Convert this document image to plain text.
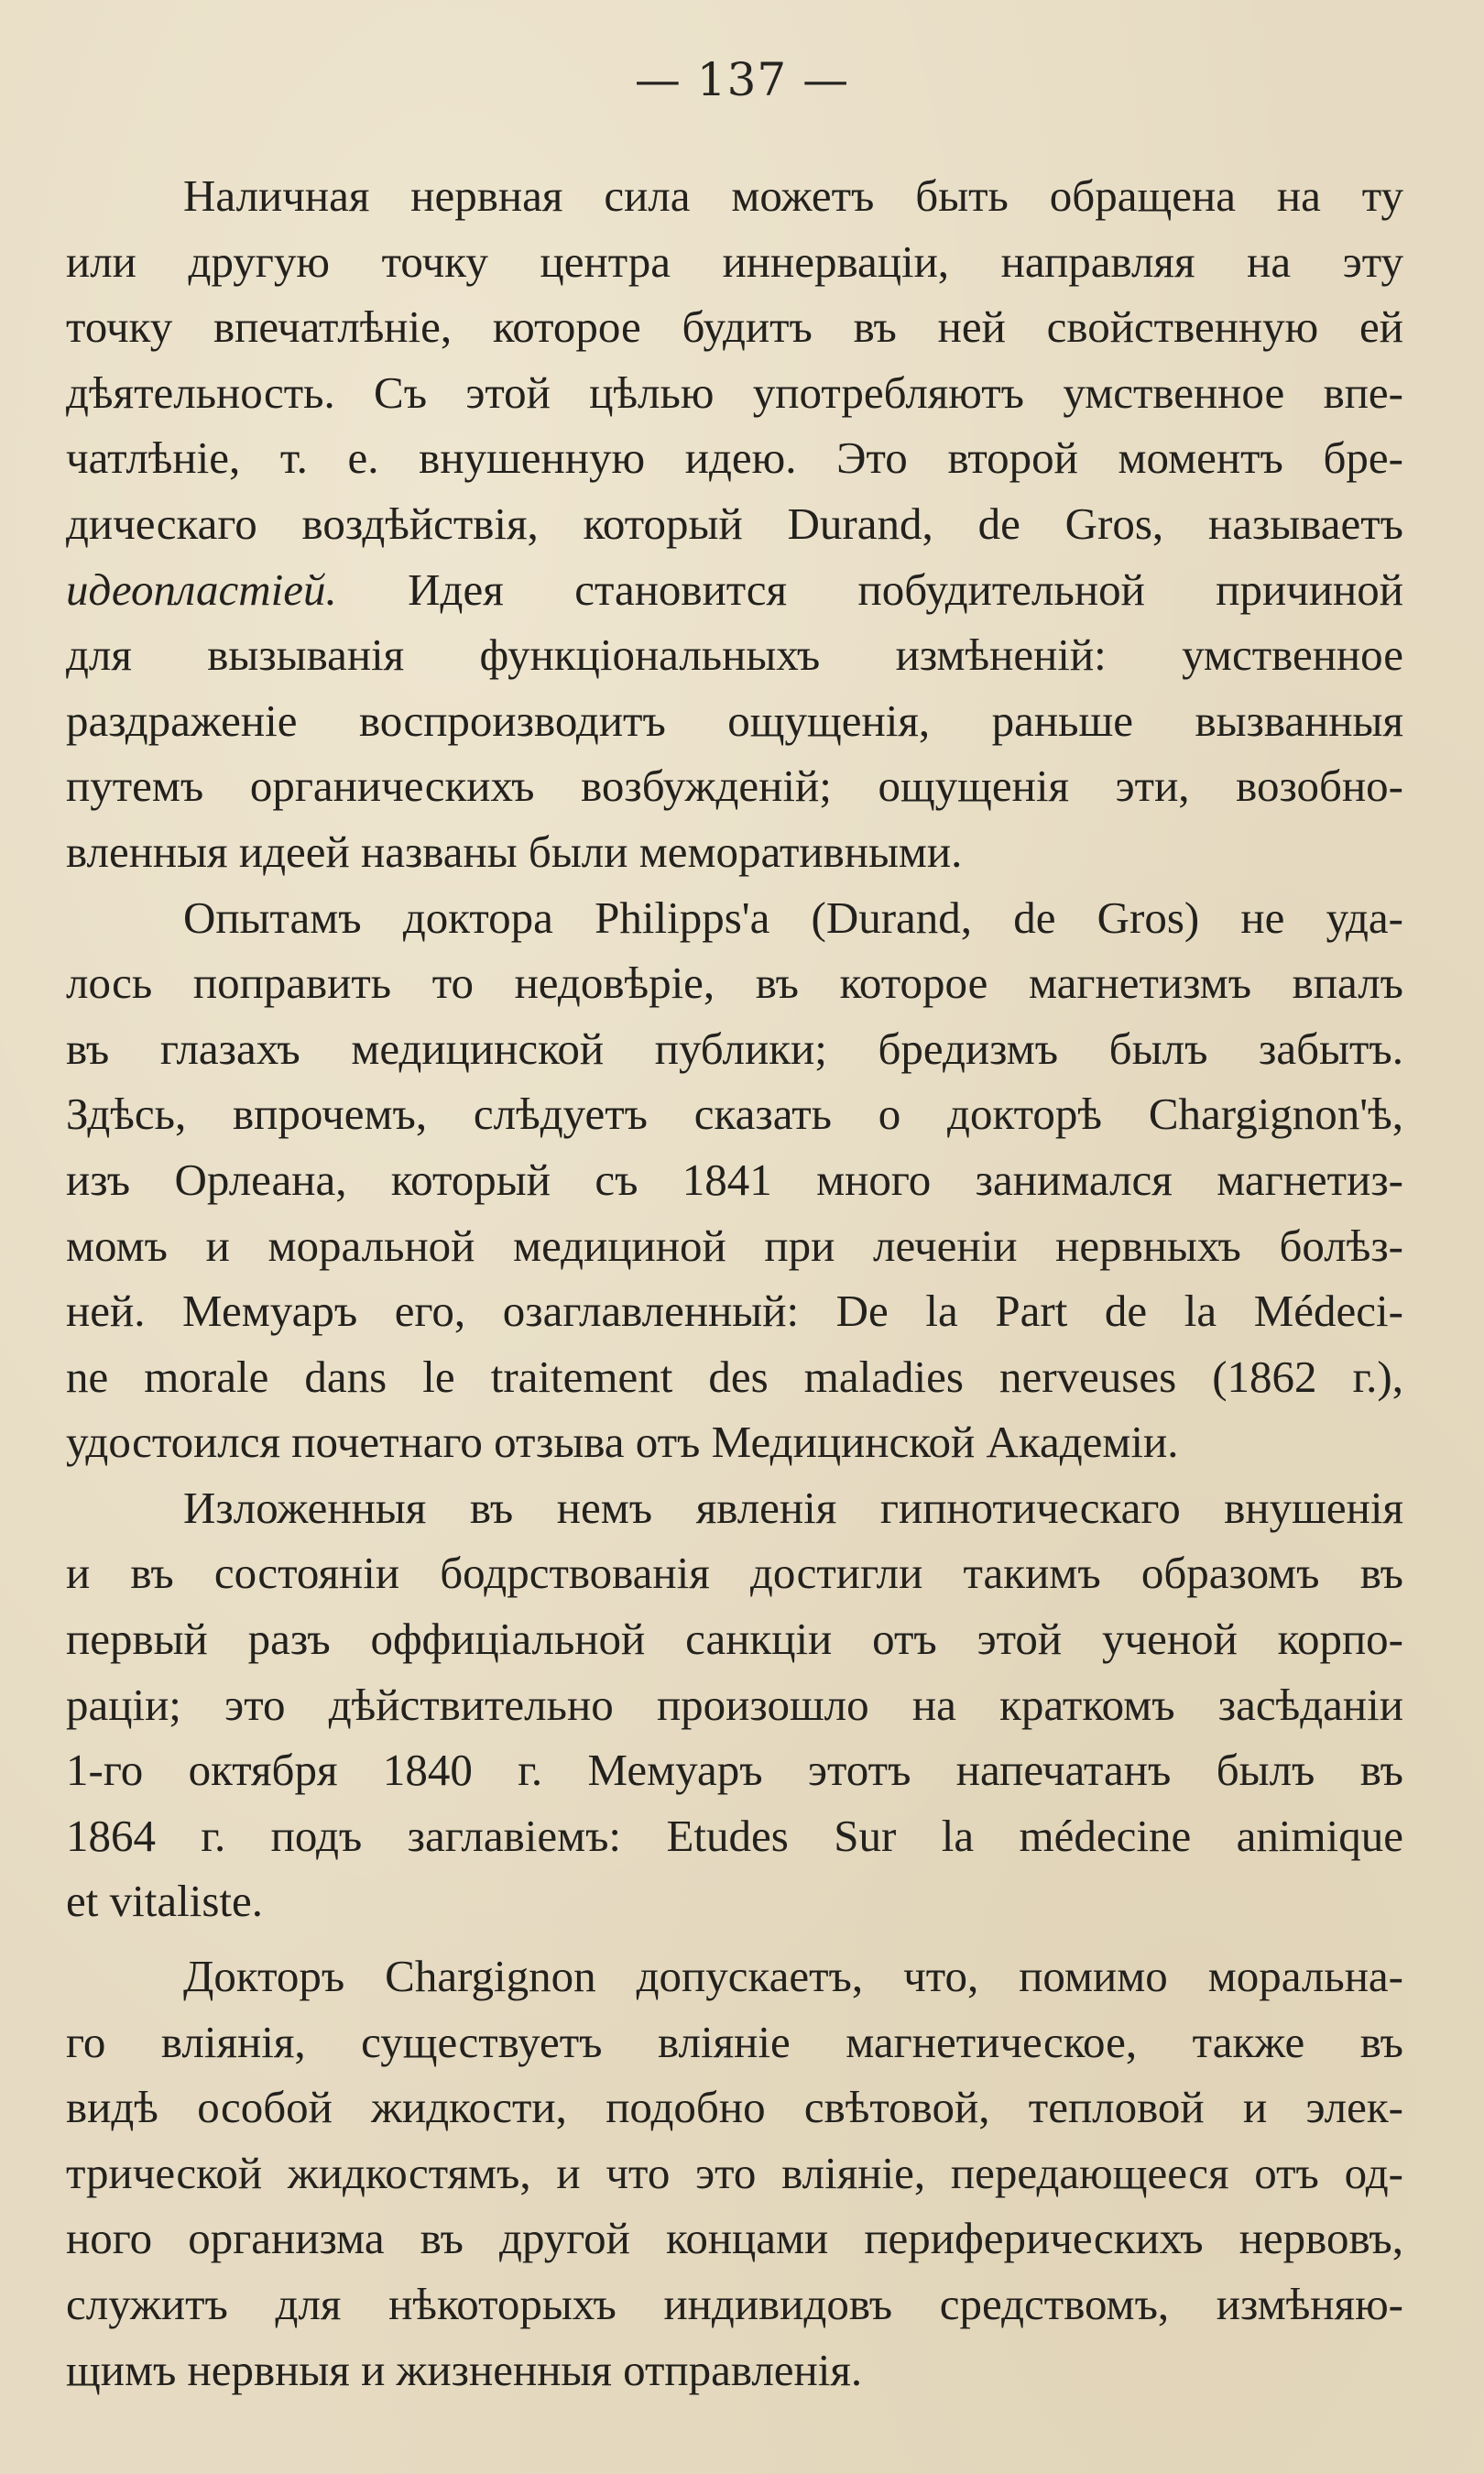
— 137 —
Наличная нервная сила можетъ быть обращена на ту
или другую точку центра иннерваціи, направляя на эту
точку впечатлѣніе, которое будитъ въ ней свойственную ей
дѣятельность. Съ этой цѣлью употребляютъ умственное впе-
чатлѣніе, т. е. внушенную идею. Это второй моментъ бре-
дическаго воздѣйствія, который Durand, de Gros, называетъ
идеопластiей. Идея становится побудительной причиной
для вызыванія функціональныхъ измѣненій: умственное
раздраженіе воспроизводитъ ощущенія, раньше вызванныя
путемъ органическихъ возбужденій; ощущенія эти, возобно-
вленныя идеей названы были меморативными.
Опытамъ доктора Philipps'a (Durand, de Gros) не уда-
лось поправить то недовѣріе, въ которое магнетизмъ впалъ
въ глазахъ медицинской публики; бредизмъ былъ забытъ.
Здѣсь, впрочемъ, слѣдуетъ сказать о докторѣ Chargignon'ѣ,
изъ Орлеана, который съ 1841 много занимался магнетиз-
момъ и моральной медициной при леченіи нервныхъ болѣз-
ней. Мемуаръ его, озаглавленный: De la Part de la Médeci-
ne morale dans le traitement des maladies nerveuses (1862 г.),
удостоился почетнаго отзыва отъ Медицинской Академіи.
Изложенныя въ немъ явленія гипнотическаго внушенія
и въ состояніи бодрствованія достигли такимъ образомъ въ
первый разъ оффиціальной санкціи отъ этой ученой корпо-
раціи; это дѣйствительно произошло на краткомъ засѣданіи
1-го октября 1840 г. Мемуаръ этотъ напечатанъ былъ въ
1864 г. подъ заглавіемъ: Etudes Sur la médecine animique
et vitaliste.
Докторъ Chargignon допускаетъ, что, помимо моральна-
го вліянія, существуетъ вліяніе магнетическое, также въ
видѣ особой жидкости, подобно свѣтовой, тепловой и элек-
трической жидкостямъ, и что это вліяніе, передающееся отъ од-
ного организма въ другой концами периферическихъ нервовъ,
служитъ для нѣкоторыхъ индивидовъ средствомъ, измѣняю-
щимъ нервныя и жизненныя отправленія.
